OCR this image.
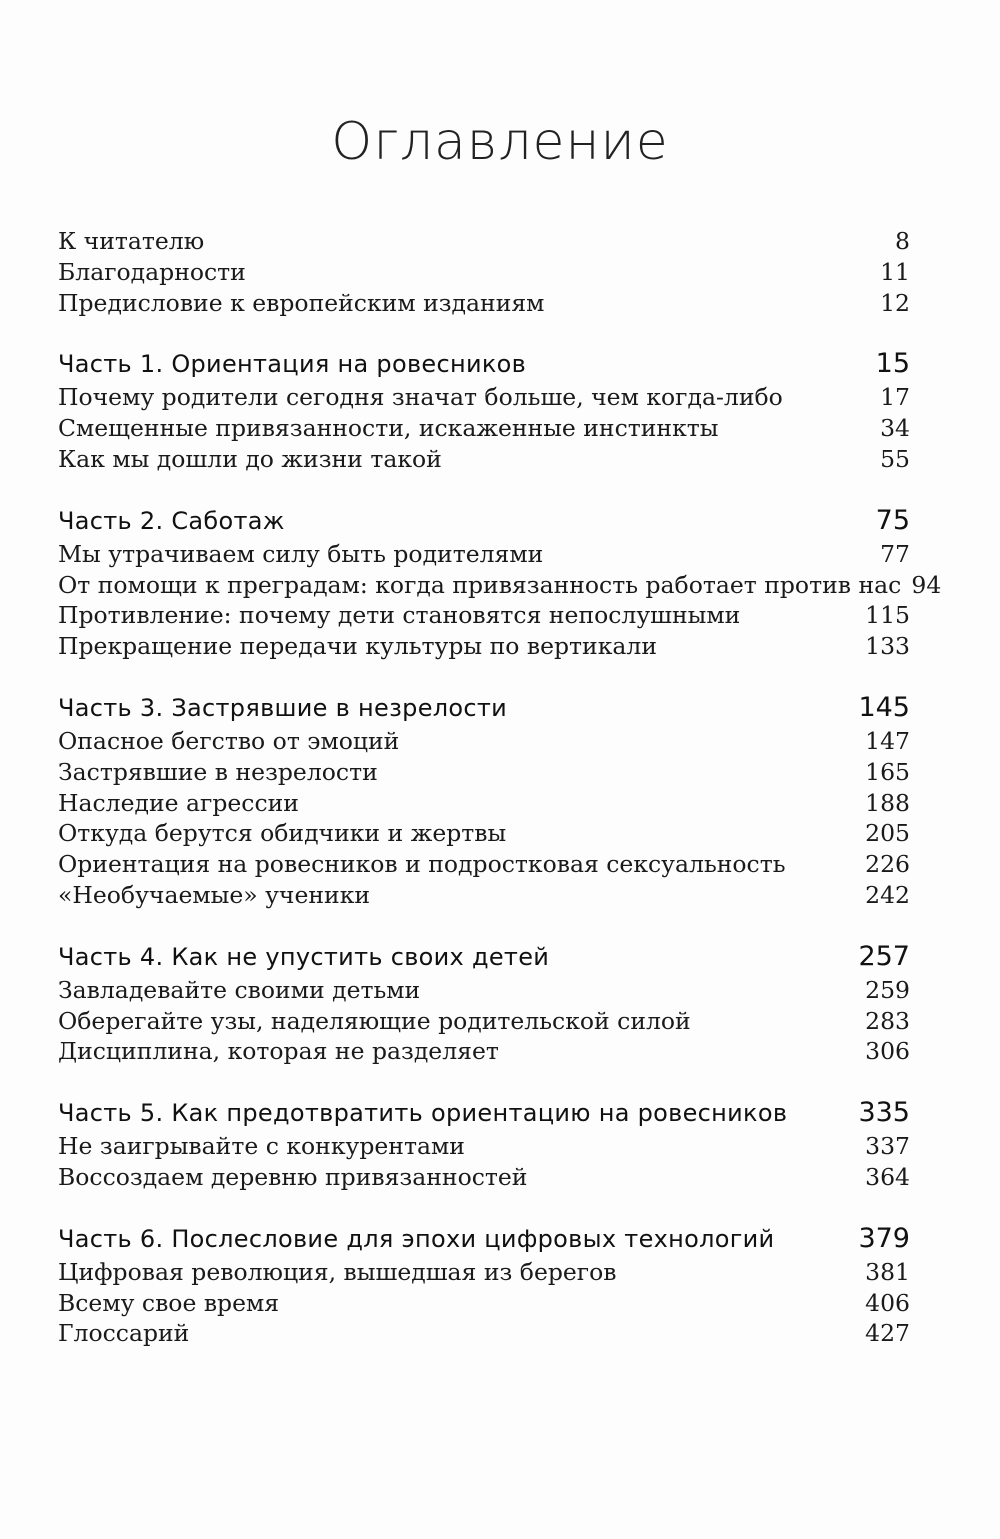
Оглавление
К читателю	8
Благодарности	11
Предисловие к европейским изданиям	12
Часть 1. Ориентация на ровесников	15
Почему родители сегодня значат больше, чем когда-либо	17
Смещенные привязанности, искаженные инстинкты	34
Как мы дошли до жизни такой	55
Часть 2. Саботаж	75
Мы утрачиваем силу быть родителями	77
От помощи к преградам: когда привязанность работает против нас 94
Противление: почему дети становятся непослушными	115
Прекращение передачи культуры по вертикали	133
Часть 3. Застрявшие в незрелости	145
Опасное бегство от эмоций	147
Застрявшие в незрелости	165
Наследие агрессии	188
Откуда берутся обидчики и жертвы	205
Ориентация на ровесников и подростковая сексуальность	226
«Необучаемые» ученики	242
Часть 4. Как не упустить своих детей	257
Завладевайте своими детьми	259
Оберегайте узы, наделяющие родительской силой	283
Дисциплина, которая не разделяет	306
Часть 5. Как предотвратить ориентацию на ровесников	335
Не заигрывайте с конкурентами	337
Воссоздаем деревню привязанностей	364
Часть 6. Послесловие для эпохи цифровых технологий	379
Цифровая революция, вышедшая из берегов	381
Всему свое время	406
Глоссарий	427
